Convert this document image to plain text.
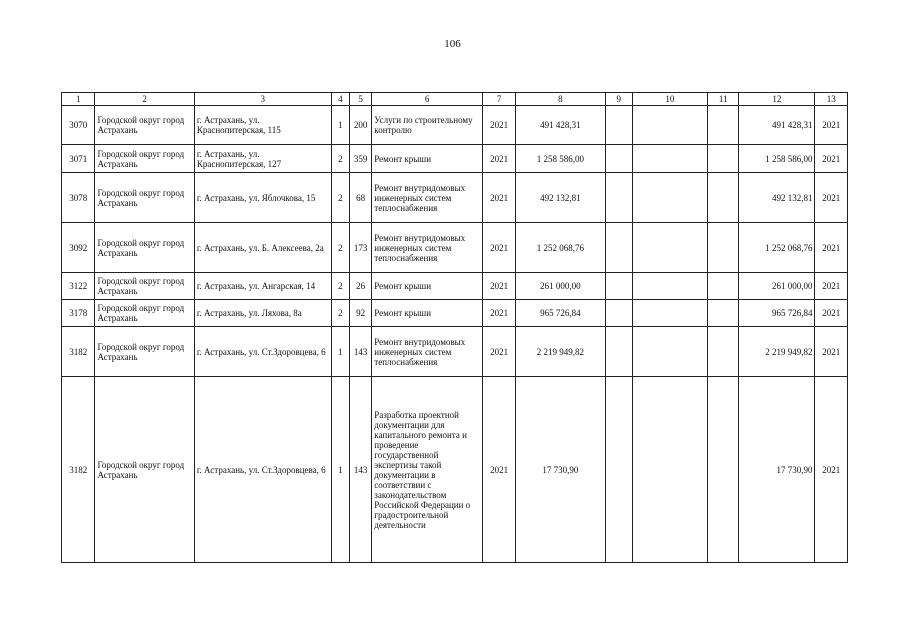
106
1	2	3	4	5	6	7	8	9	10	11	12	13
3070	Городской округ город Астрахань	г. Астрахань, ул. Краснопитерская, 115	1	200	Услуги по строительному контролю	2021	491 428,31				491 428,31	2021
3071	Городской округ город Астрахань	г. Астрахань, ул. Краснопитерская, 127	2	359	Ремонт крыши	2021	1 258 586,00				1 258 586,00	2021
3078	Городской округ город Астрахань	г. Астрахань, ул. Яблочкова, 15	2	68	Ремонт внутридомовых инженерных систем теплоснабжения	2021	492 132,81				492 132,81	2021
3092	Городской округ город Астрахань	г. Астрахань, ул. Б. Алексеева, 2а	2	173	Ремонт внутридомовых инженерных систем теплоснабжения	2021	1 252 068,76				1 252 068,76	2021
3122	Городской округ город Астрахань	г. Астрахань, ул. Ангарская, 14	2	26	Ремонт крыши	2021	261 000,00				261 000,00	2021
3178	Городской округ город Астрахань	г. Астрахань, ул. Ляхова, 8а	2	92	Ремонт крыши	2021	965 726,84				965 726,84	2021
3182	Городской округ город Астрахань	г. Астрахань, ул. Ст.Здоровцева, 6	1	143	Ремонт внутридомовых инженерных систем теплоснабжения	2021	2 219 949,82				2 219 949,82	2021
3182	Городской округ город Астрахань	г. Астрахань, ул. Ст.Здоровцева, 6	1	143	Разработка проектной документации для капитального ремонта и проведение государственной экспертизы такой документации в соответствии с законодательством Российской Федерации о градостроительной деятельности	2021	17 730,90				17 730,90	2021
